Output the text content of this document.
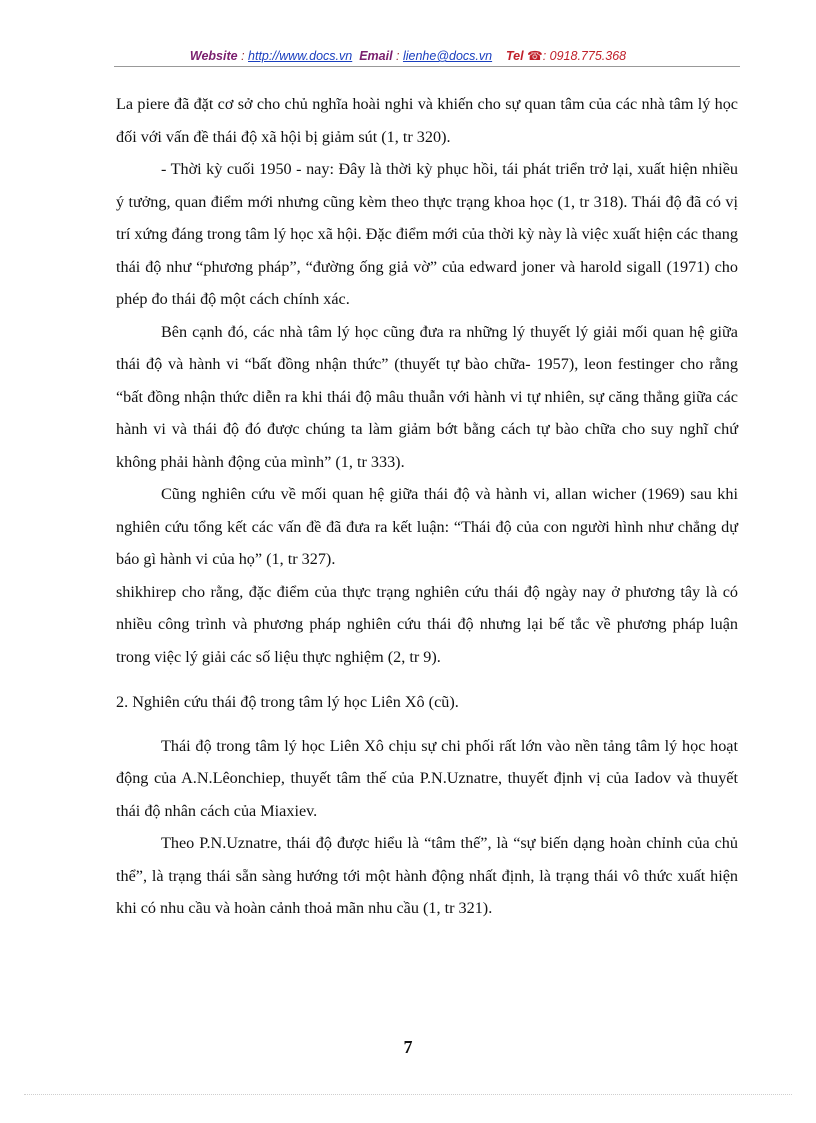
Website : http://www.docs.vn Email : lienhe@docs.vn Tel ☎: 0918.775.368

La piere đã đặt cơ sở cho chủ nghĩa hoài nghi và khiến cho sự quan tâm của các nhà tâm lý học đối với vấn đề thái độ xã hội bị giảm sút (1, tr 320).

- Thời kỳ cuối 1950 - nay: Đây là thời kỳ phục hồi, tái phát triển trở lại, xuất hiện nhiều ý tưởng, quan điểm mới nhưng cũng kèm theo thực trạng khoa học (1, tr 318). Thái độ đã có vị trí xứng đáng trong tâm lý học xã hội. Đặc điểm mới của thời kỳ này là việc xuất hiện các thang thái độ như “phương pháp”, “đường ống giả vờ” của edward joner và harold sigall (1971) cho phép đo thái độ một cách chính xác.

Bên cạnh đó, các nhà tâm lý học cũng đưa ra những lý thuyết lý giải mối quan hệ giữa thái độ và hành vi “bất đồng nhận thức” (thuyết tự bào chữa- 1957), leon festinger cho rằng “bất đồng nhận thức diễn ra khi thái độ mâu thuẫn với hành vi tự nhiên, sự căng thẳng giữa các hành vi và thái độ đó được chúng ta làm giảm bớt bằng cách tự bào chữa cho suy nghĩ chứ không phải hành động của mình” (1, tr 333).

Cũng nghiên cứu về mối quan hệ giữa thái độ và hành vi, allan wicher (1969) sau khi nghiên cứu tổng kết các vấn đề đã đưa ra kết luận: “Thái độ của con người hình như chẳng dự báo gì hành vi của họ” (1, tr 327).

shikhirep cho rằng, đặc điểm của thực trạng nghiên cứu thái độ ngày nay ở phương tây là có nhiều công trình và phương pháp nghiên cứu thái độ nhưng lại bế tắc về phương pháp luận trong việc lý giải các số liệu thực nghiệm (2, tr 9).

2. Nghiên cứu thái độ trong tâm lý học Liên Xô (cũ).

Thái độ trong tâm lý học Liên Xô chịu sự chi phối rất lớn vào nền tảng tâm lý học hoạt động của A.N.Lêonchiep, thuyết tâm thế của P.N.Uznatre, thuyết định vị của Iadov và thuyết thái độ nhân cách của Miaxiev.

Theo P.N.Uznatre, thái độ được hiểu là “tâm thế”, là “sự biến dạng hoàn chỉnh của chủ thể”, là trạng thái sẵn sàng hướng tới một hành động nhất định, là trạng thái vô thức xuất hiện khi có nhu cầu và hoàn cảnh thoả mãn nhu cầu (1, tr 321).

7
